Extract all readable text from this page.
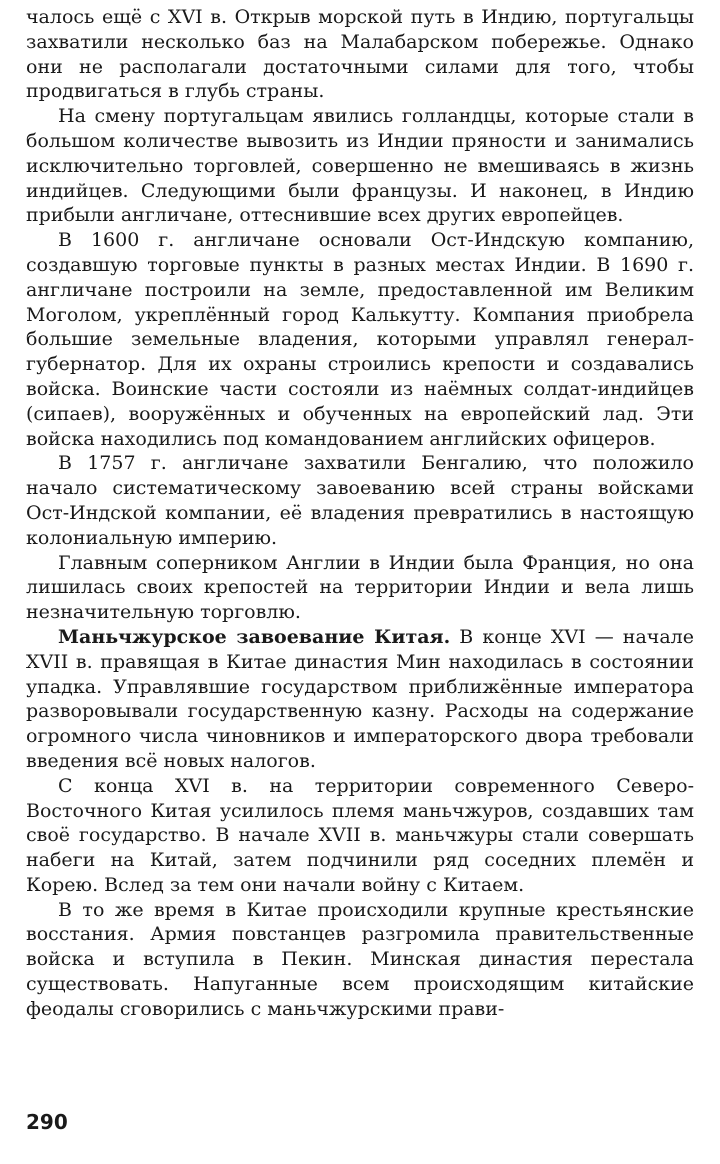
чалось ещё с XVI в. Открыв морской путь в Индию, португальцы захватили несколько баз на Малабарском побережье. Однако они не располагали достаточными силами для того, чтобы продвигаться в глубь страны.

На смену португальцам явились голландцы, которые стали в большом количестве вывозить из Индии пряности и занимались исключительно торговлей, совершенно не вмешиваясь в жизнь индийцев. Следующими были французы. И наконец, в Индию прибыли англичане, оттеснившие всех других европейцев.

В 1600 г. англичане основали Ост-Индскую компанию, создавшую торговые пункты в разных местах Индии. В 1690 г. англичане построили на земле, предоставленной им Великим Моголом, укреплённый город Калькутту. Компания приобрела большие земельные владения, которыми управлял генерал-губернатор. Для их охраны строились крепости и создавались войска. Воинские части состояли из наёмных солдат-индийцев (сипаев), вооружённых и обученных на европейский лад. Эти войска находились под командованием английских офицеров.

В 1757 г. англичане захватили Бенгалию, что положило начало систематическому завоеванию всей страны войсками Ост-Индской компании, её владения превратились в настоящую колониальную империю.

Главным соперником Англии в Индии была Франция, но она лишилась своих крепостей на территории Индии и вела лишь незначительную торговлю.

Маньчжурское завоевание Китая. В конце XVI — начале XVII в. правящая в Китае династия Мин находилась в состоянии упадка. Управлявшие государством приближённые императора разворовывали государственную казну. Расходы на содержание огромного числа чиновников и императорского двора требовали введения всё новых налогов.

С конца XVI в. на территории современного Северо-Восточного Китая усилилось племя маньчжуров, создавших там своё государство. В начале XVII в. маньчжуры стали совершать набеги на Китай, затем подчинили ряд соседних племён и Корею. Вслед за тем они начали войну с Китаем.

В то же время в Китае происходили крупные крестьянские восстания. Армия повстанцев разгромила правительственные войска и вступила в Пекин. Минская династия перестала существовать. Напуганные всем происходящим китайские феодалы сговорились с маньчжурскими прави-

290
